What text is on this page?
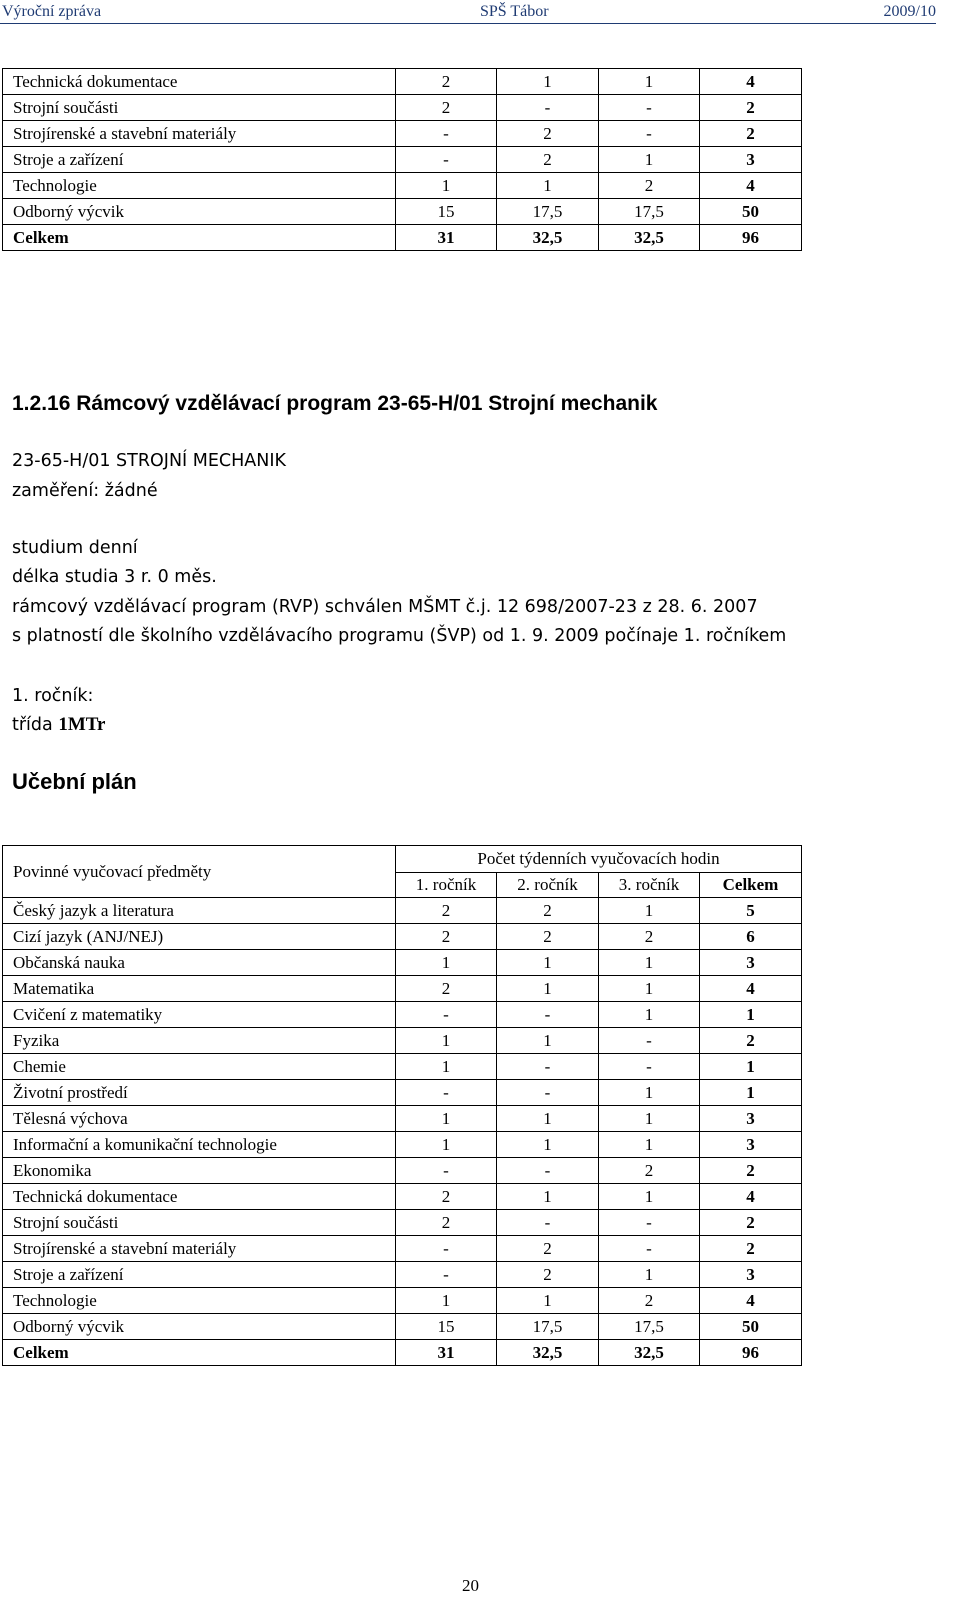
Výroční zpráva	SPŠ Tábor	2009/10
Technická dokumentace	2	1	1	4
Strojní součásti	2	-	-	2
Strojírenské a stavební materiály	-	2	-	2
Stroje a zařízení	-	2	1	3
Technologie	1	1	2	4
Odborný výcvik	15	17,5	17,5	50
Celkem	31	32,5	32,5	96
1.2.16 Rámcový vzdělávací program 23-65-H/01 Strojní mechanik
23-65-H/01 STROJNÍ MECHANIK
zaměření: žádné
studium denní
délka studia 3 r. 0 měs.
rámcový vzdělávací program (RVP) schválen MŠMT č.j. 12 698/2007-23 z 28. 6. 2007
s platností dle školního vzdělávacího programu (ŠVP) od 1. 9. 2009 počínaje 1. ročníkem
1. ročník:
třída 1MTr
Učební plán
Povinné vyučovací předměty	Počet týdenních vyučovacích hodin			
	1. ročník	2. ročník	3. ročník	Celkem
Český jazyk a literatura	2	2	1	5
Cizí jazyk (ANJ/NEJ)	2	2	2	6
Občanská nauka	1	1	1	3
Matematika	2	1	1	4
Cvičení z matematiky	-	-	1	1
Fyzika	1	1	-	2
Chemie	1	-	-	1
Životní prostředí	-	-	1	1
Tělesná výchova	1	1	1	3
Informační a komunikační technologie	1	1	1	3
Ekonomika	-	-	2	2
Technická dokumentace	2	1	1	4
Strojní součásti	2	-	-	2
Strojírenské a stavební materiály	-	2	-	2
Stroje a zařízení	-	2	1	3
Technologie	1	1	2	4
Odborný výcvik	15	17,5	17,5	50
Celkem	31	32,5	32,5	96
20
